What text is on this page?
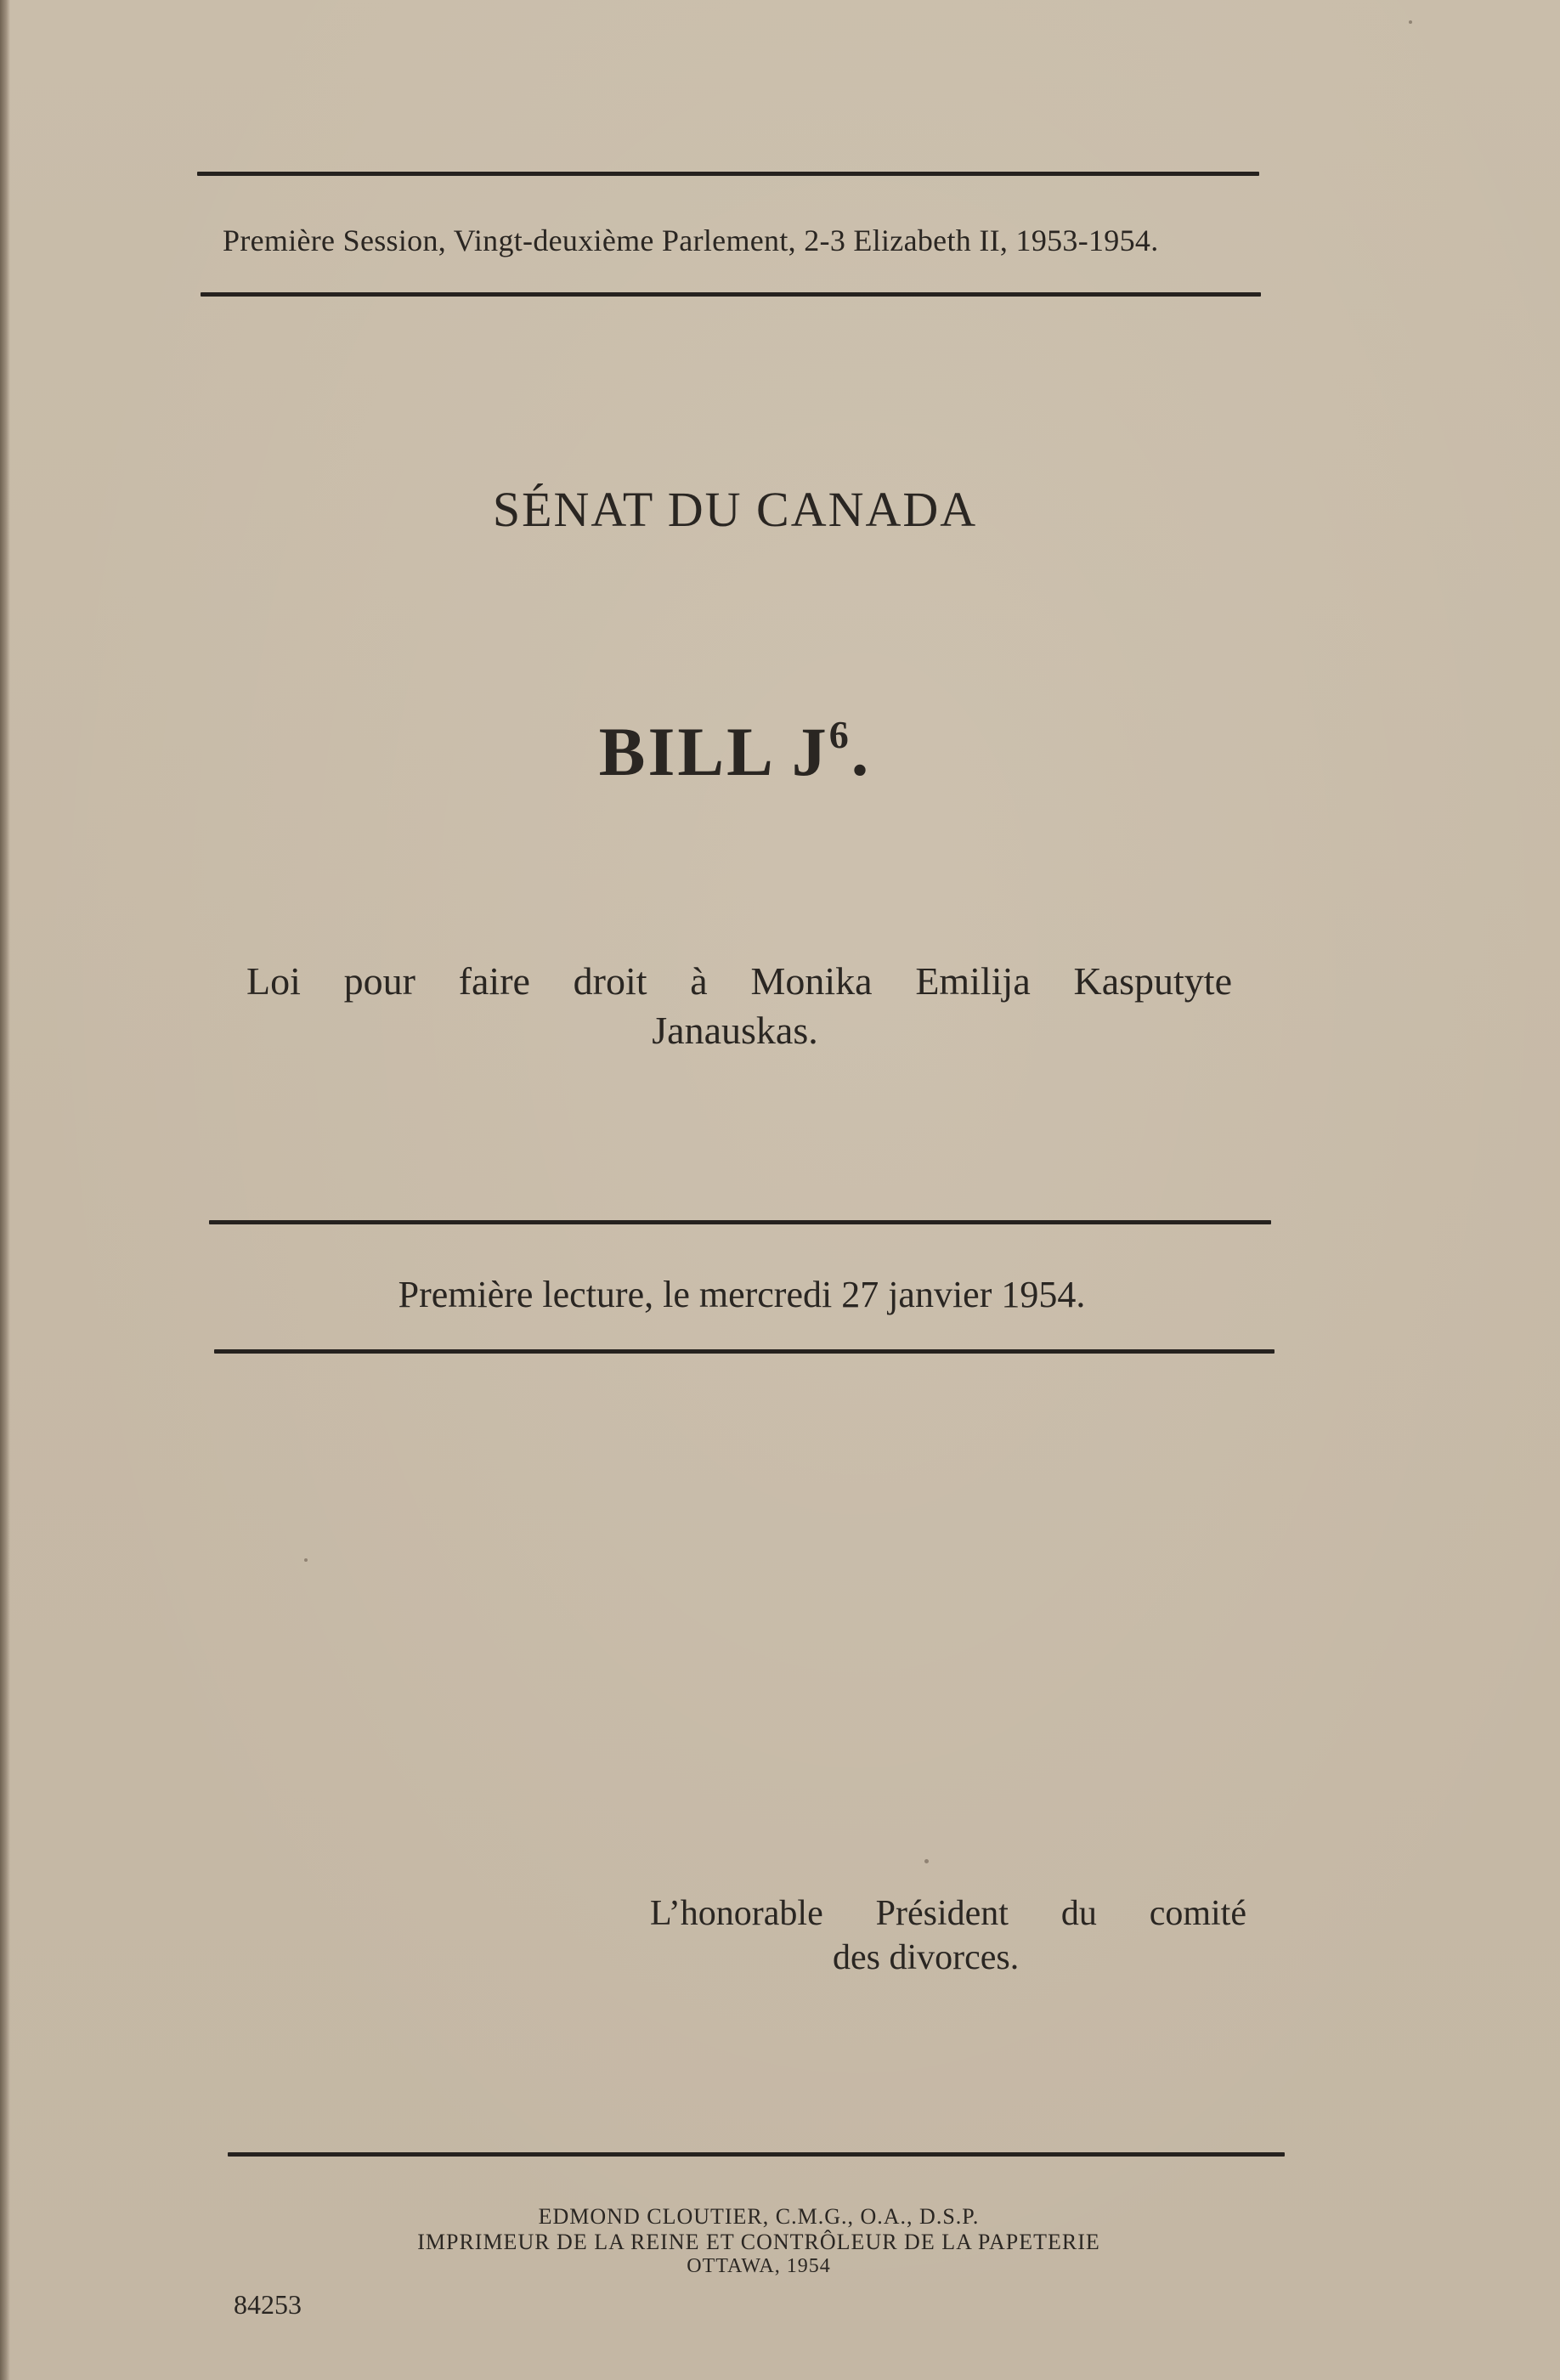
Première Session, Vingt-deuxième Parlement, 2-3 Elizabeth II, 1953-1954.
SÉNAT DU CANADA
BILL $J^6$.
Loi pour faire droit à Monika Emilija Kasputyte
Janauskas.
Première lecture, le mercredi 27 janvier 1954.
L’honorable Président du comité
des divorces.
EDMOND CLOUTIER, C.M.G., O.A., D.S.P.
IMPRIMEUR DE LA REINE ET CONTRÔLEUR DE LA PAPETERIE
OTTAWA, 1954
84253
